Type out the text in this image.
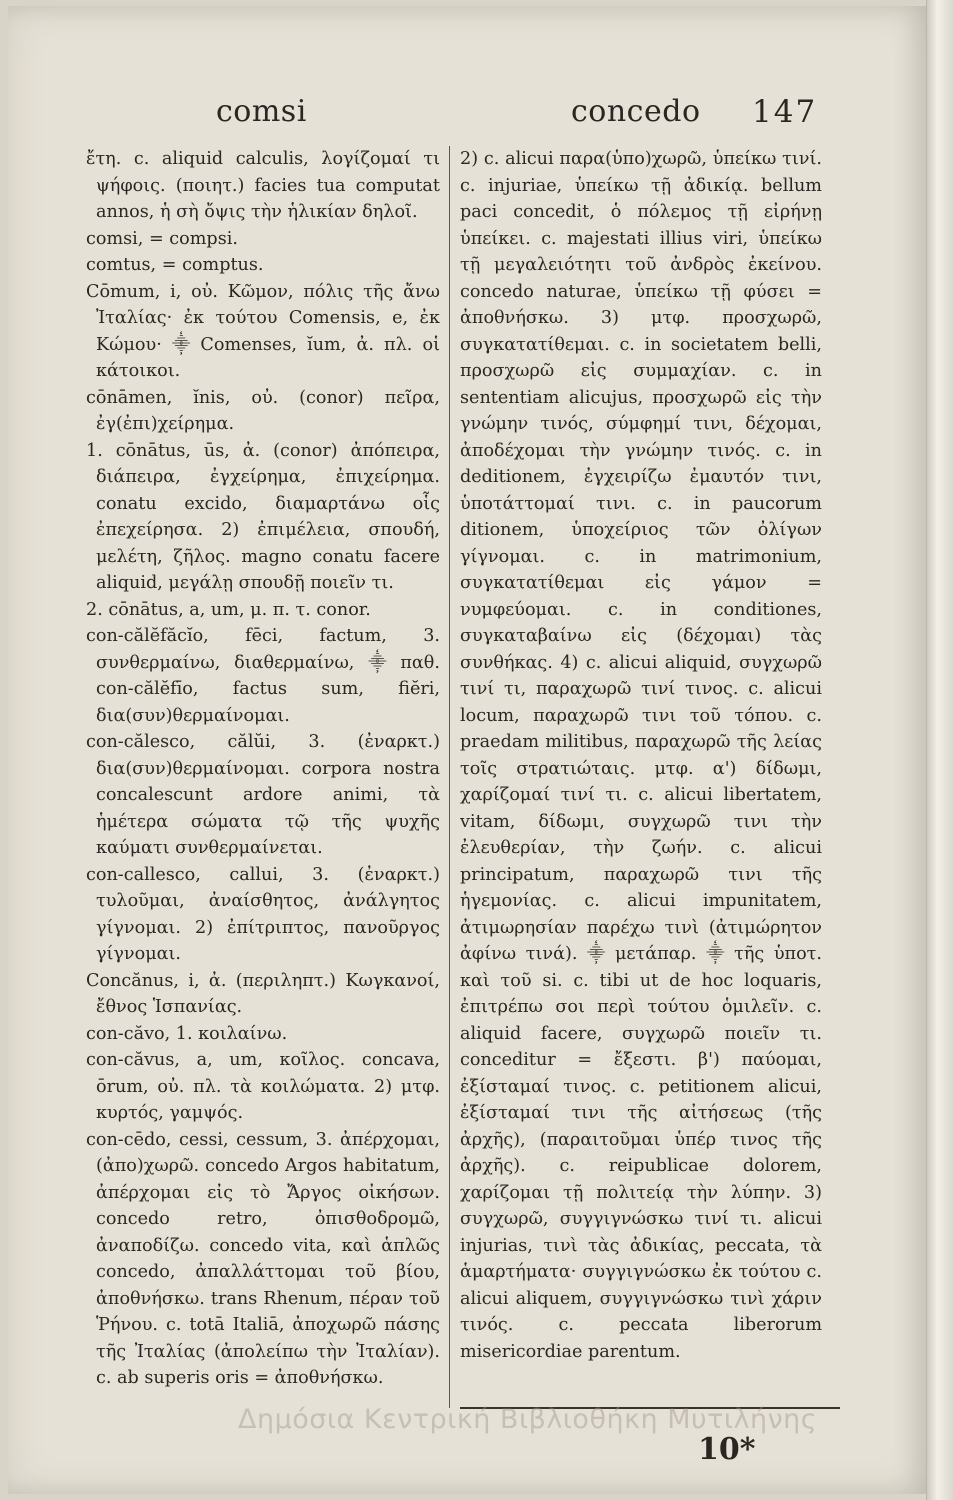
comsi	concedo 147
ἔτη. c. aliquid calculis, λογίζομαί τι ψήφοις. (ποιητ.) facies tua computat annos, ἡ σὴ ὄψις τὴν ἡλικίαν δηλοῖ.
comsi, = compsi.
comtus, = comptus.
Cōmum, i, οὐ. Κῶμον, πόλις τῆς ἄνω Ἰταλίας· ἐκ τούτου Comensis, e, ἐκ Κώμου· ⸎ Comenses, ĭum, ἀ. πλ. οἱ κάτοικοι.
cōnāmen, ĭnis, οὐ. (conor) πεῖρα, ἐγ(ἐπι)χείρημα.
1. cōnātus, ūs, ἀ. (conor) ἀπόπειρα, διάπειρα, ἐγχείρημα, ἐπιχείρημα. conatu excido, διαμαρτάνω οἷς ἐπεχείρησα. 2) ἐπιμέλεια, σπουδή, μελέτη, ζῆλος. magno conatu facere aliquid, μεγάλῃ σπουδῇ ποιεῖν τι.
2. cōnātus, a, um, μ. π. τ. conor.
con-călĕfăcĭo, fēci, factum, 3. συνθερμαίνω, διαθερμαίνω, ⸎ παθ. con-călĕfīo, factus sum, fiĕri, δια(συν)θερμαίνομαι.
con-călesco, călŭi, 3. (ἐναρκτ.) δια(συν)θερμαίνομαι. corpora nostra concalescunt ardore animi, τὰ ἡμέτερα σώματα τῷ τῆς ψυχῆς καύματι συνθερμαίνεται.
con-callesco, callui, 3. (ἐναρκτ.) τυλοῦμαι, ἀναίσθητος, ἀνάλγητος γίγνομαι. 2) ἐπίτριπτος, πανοῦργος γίγνομαι.
Concănus, i, ἀ. (περιληπτ.) Κωγκανοί, ἔθνος Ἱσπανίας.
con-căvo, 1. κοιλαίνω.
con-căvus, a, um, κοῖλος. concava, ōrum, οὐ. πλ. τὰ κοιλώματα. 2) μτφ. κυρτός, γαμψός.
con-cēdo, cessi, cessum, 3. ἀπέρχομαι, (ἀπο)χωρῶ. concedo Argos habitatum, ἀπέρχομαι εἰς τὸ Ἄργος οἰκήσων. concedo retro, ὀπισθοδρομῶ, ἀναποδίζω. concedo vita, καὶ ἁπλῶς concedo, ἀπαλλάττομαι τοῦ βίου, ἀποθνήσκω. trans Rhenum, πέραν τοῦ Ῥήνου. c. totā Italiā, ἀποχωρῶ πάσης τῆς Ἰταλίας (ἀπολείπω τὴν Ἰταλίαν). c. ab superis oris = ἀποθνήσκω.
2) c. alicui παρα(ὑπο)χωρῶ, ὑπείκω τινί. c. injuriae, ὑπείκω τῇ ἀδικίᾳ. bellum paci concedit, ὁ πόλεμος τῇ εἰρήνῃ ὑπείκει. c. majestati illius viri, ὑπείκω τῇ μεγαλειότητι τοῦ ἀνδρὸς ἐκείνου. concedo naturae, ὑπείκω τῇ φύσει = ἀποθνήσκω. 3) μτφ. προσχωρῶ, συγκατατίθεμαι. c. in societatem belli, προσχωρῶ εἰς συμμαχίαν. c. in sententiam alicujus, προσχωρῶ εἰς τὴν γνώμην τινός, σύμφημί τινι, δέχομαι, ἀποδέχομαι τὴν γνώμην τινός. c. in deditionem, ἐγχειρίζω ἐμαυτόν τινι, ὑποτάττομαί τινι. c. in paucorum ditionem, ὑποχείριος τῶν ὀλίγων γίγνομαι. c. in matrimonium, συγκατατίθεμαι εἰς γάμον = νυμφεύομαι. c. in conditiones, συγκαταβαίνω εἰς (δέχομαι) τὰς συνθήκας. 4) c. alicui aliquid, συγχωρῶ τινί τι, παραχωρῶ τινί τινος. c. alicui locum, παραχωρῶ τινι τοῦ τόπου. c. praedam militibus, παραχωρῶ τῆς λείας τοῖς στρατιώταις. μτφ. α') δίδωμι, χαρίζομαί τινί τι. c. alicui libertatem, vitam, δίδωμι, συγχωρῶ τινι τὴν ἐλευθερίαν, τὴν ζωήν. c. alicui principatum, παραχωρῶ τινι τῆς ἡγεμονίας. c. alicui impunitatem, ἀτιμωρησίαν παρέχω τινὶ (ἀτιμώρητον ἀφίνω τινά). ⸎ μετάπαρ. ⸎ τῆς ὑποτ. καὶ τοῦ si. c. tibi ut de hoc loquaris, ἐπιτρέπω σοι περὶ τούτου ὁμιλεῖν. c. aliquid facere, συγχωρῶ ποιεῖν τι. conceditur = ἔξεστι. β') παύομαι, ἐξίσταμαί τινος. c. petitionem alicui, ἐξίσταμαί τινι τῆς αἰτήσεως (τῆς ἀρχῆς), (παραιτοῦμαι ὑπέρ τινος τῆς ἀρχῆς). c. reipublicae dolorem, χαρίζομαι τῇ πολιτείᾳ τὴν λύπην. 3) συγχωρῶ, συγγιγνώσκω τινί τι. alicui injurias, τινὶ τὰς ἀδικίας, peccata, τὰ ἁμαρτήματα· συγγιγνώσκω ἐκ τούτου c. alicui aliquem, συγγιγνώσκω τινὶ χάριν τινός. c. peccata liberorum misericordiae parentum.
Δημόσια Κεντρική Βιβλιοθήκη Μυτιλήνης
10*
